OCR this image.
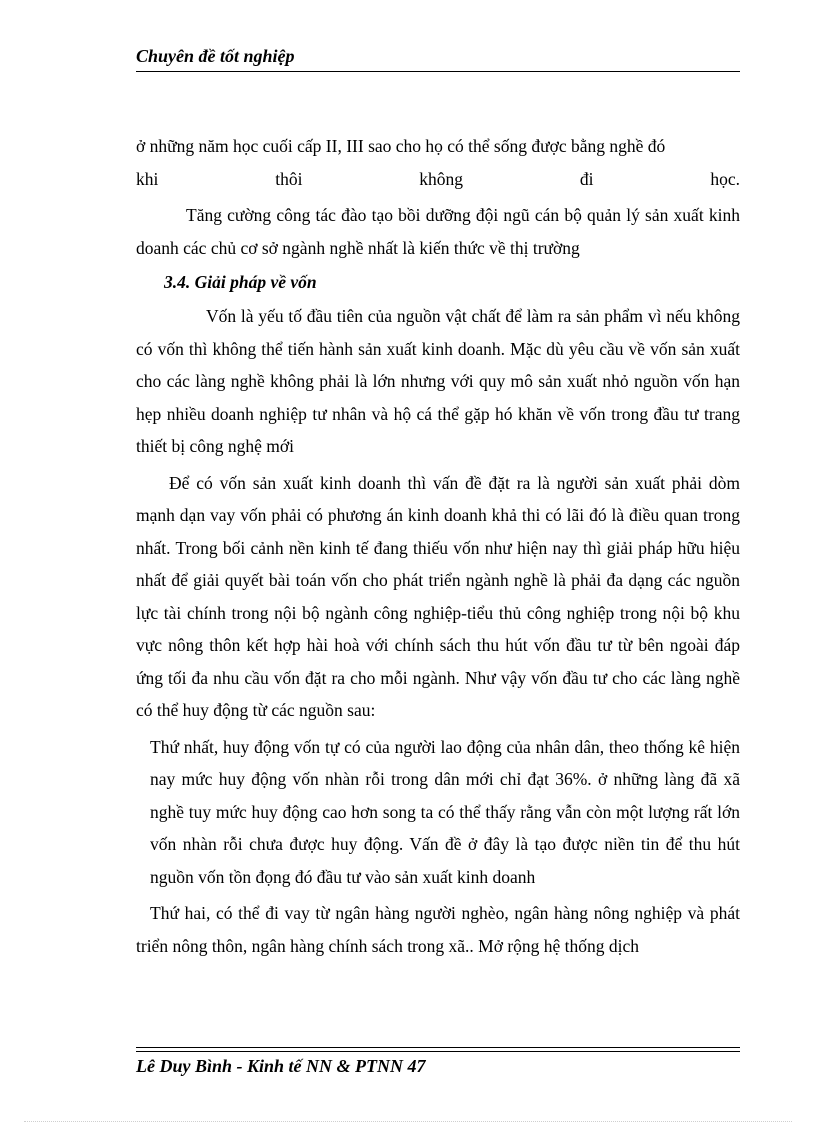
Chuyên đề tốt nghiệp

ở những năm học cuối cấp II, III sao cho họ có thể sống được bằng nghề đó

khi thôi không đi học.

Tăng cường công tác đào tạo bồi dưỡng đội ngũ cán bộ quản lý sản xuất kinh doanh các chủ cơ sở ngành nghề nhất là kiến thức về thị trường

3.4. Giải pháp về vốn

Vốn là yếu tố đầu tiên của nguồn vật chất để làm ra sản phẩm vì nếu không có vốn thì không thể tiến hành sản xuất kinh doanh. Mặc dù yêu cầu về vốn sản xuất cho các làng nghề không phải là lớn nhưng với quy mô sản xuất nhỏ nguồn vốn hạn hẹp nhiều doanh nghiệp tư nhân và hộ cá thể gặp hó khăn về vốn trong đầu tư trang thiết bị công nghệ mới

Để có vốn sản xuất kinh doanh thì vấn đề đặt ra là người sản xuất phải dòm mạnh dạn vay vốn phải có phương án kinh doanh khả thi có lãi đó là điều quan trong nhất. Trong bối cảnh nền kinh tế đang thiếu vốn như hiện nay thì giải pháp hữu hiệu nhất để giải quyết bài toán vốn cho phát triển ngành nghề là phải đa dạng các nguồn lực tài chính trong nội bộ ngành công nghiệp-tiểu thủ công nghiệp trong nội bộ khu vực nông thôn kết hợp hài hoà với chính sách thu hút vốn đầu tư từ bên ngoài đáp ứng tối đa nhu cầu vốn đặt ra cho mỗi ngành. Như vậy vốn đầu tư cho các làng nghề có thể huy động từ các nguồn sau:

Thứ nhất, huy động vốn tự có của người lao động của nhân dân, theo thống kê hiện nay mức huy động vốn nhàn rỗi trong dân mới chỉ đạt 36%. ở những làng đã xã nghề tuy mức huy động cao hơn song ta có thể thấy rằng vẫn còn một lượng rất lớn vốn nhàn rỗi chưa được huy động. Vấn đề ở đây là tạo được niền tin để thu hút nguồn vốn tồn đọng đó đầu tư vào sản xuất kinh doanh

Thứ hai, có thể đi vay từ ngân hàng người nghèo, ngân hàng nông nghiệp và phát triển nông thôn, ngân hàng chính sách trong xã.. Mở rộng hệ thống dịch

Lê Duy Bình - Kinh tế NN & PTNN 47
